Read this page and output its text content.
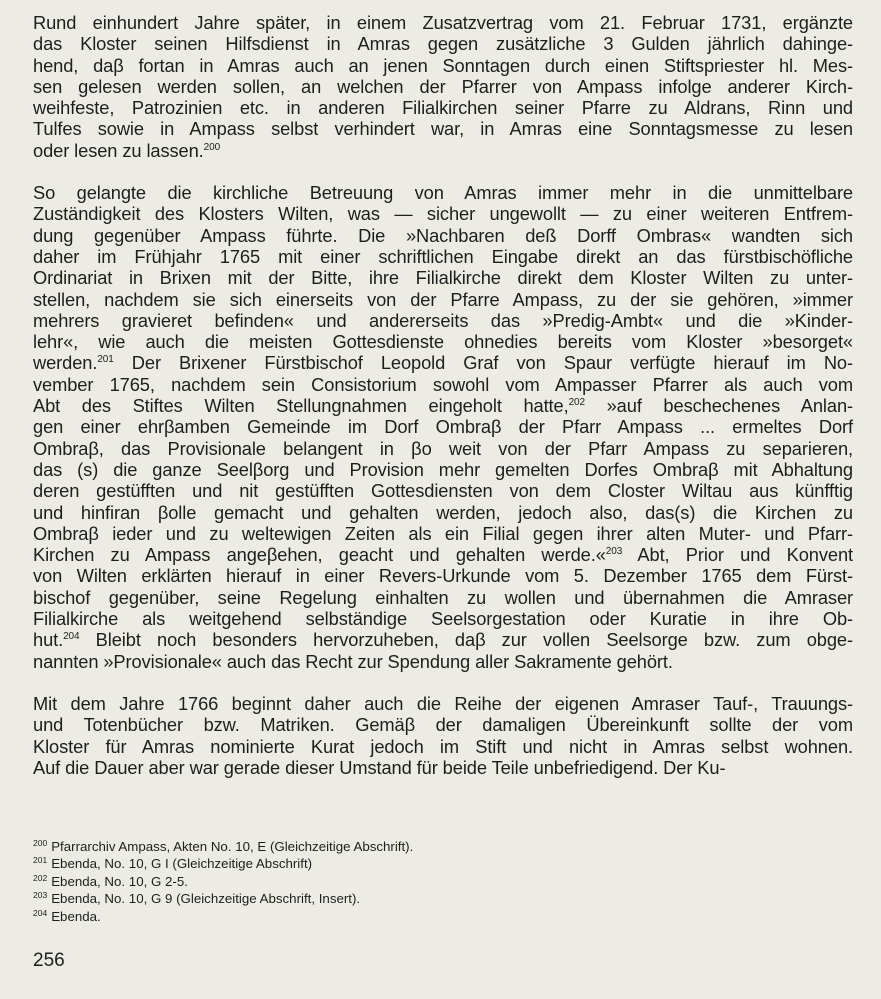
Rund einhundert Jahre später, in einem Zusatzvertrag vom 21. Februar 1731, ergänzte
das Kloster seinen Hilfsdienst in Amras gegen zusätzliche 3 Gulden jährlich dahinge-
hend, daβ fortan in Amras auch an jenen Sonntagen durch einen Stiftspriester hl. Mes-
sen gelesen werden sollen, an welchen der Pfarrer von Ampass infolge anderer Kirch-
weihfeste, Patrozinien etc. in anderen Filialkirchen seiner Pfarre zu Aldrans, Rinn und
Tulfes sowie in Ampass selbst verhindert war, in Amras eine Sonntagsmesse zu lesen
oder lesen zu lassen.$^{200}$
So gelangte die kirchliche Betreuung von Amras immer mehr in die unmittelbare
Zuständigkeit des Klosters Wilten, was — sicher ungewollt — zu einer weiteren Entfrem-
dung gegenüber Ampass führte. Die »Nachbaren deß Dorff Ombras« wandten sich
daher im Frühjahr 1765 mit einer schriftlichen Eingabe direkt an das fürstbischöfliche
Ordinariat in Brixen mit der Bitte, ihre Filialkirche direkt dem Kloster Wilten zu unter-
stellen, nachdem sie sich einerseits von der Pfarre Ampass, zu der sie gehören, »immer
mehrers gravieret befinden« und andererseits das »Predig-Ambt« und die »Kinder-
lehr«, wie auch die meisten Gottesdienste ohnedies bereits vom Kloster »besorget«
werden.$^{201}$ Der Brixener Fürstbischof Leopold Graf von Spaur verfügte hierauf im No-
vember 1765, nachdem sein Consistorium sowohl vom Ampasser Pfarrer als auch vom
Abt des Stiftes Wilten Stellungnahmen eingeholt hatte,$^{202}$ »auf beschechenes Anlan-
gen einer ehrβamben Gemeinde im Dorf Ombraβ der Pfarr Ampass ... ermeltes Dorf
Ombraβ, das Provisionale belangent in βo weit von der Pfarr Ampass zu separieren,
das (s) die ganze Seelβorg und Provision mehr gemelten Dorfes Ombraβ mit Abhaltung
deren gestüfften und nit gestüfften Gottesdiensten von dem Closter Wiltau aus künfftig
und hinfiran βolle gemacht und gehalten werden, jedoch also, das(s) die Kirchen zu
Ombraβ ieder und zu weltewigen Zeiten als ein Filial gegen ihrer alten Muter- und Pfarr-
Kirchen zu Ampass angeβehen, geacht und gehalten werde.«$^{203}$ Abt, Prior und Konvent
von Wilten erklärten hierauf in einer Revers-Urkunde vom 5. Dezember 1765 dem Fürst-
bischof gegenüber, seine Regelung einhalten zu wollen und übernahmen die Amraser
Filialkirche als weitgehend selbständige Seelsorgestation oder Kuratie in ihre Ob-
hut.$^{204}$ Bleibt noch besonders hervorzuheben, daβ zur vollen Seelsorge bzw. zum obge-
nannten »Provisionale« auch das Recht zur Spendung aller Sakramente gehört.
Mit dem Jahre 1766 beginnt daher auch die Reihe der eigenen Amraser Tauf-, Trauungs-
und Totenbücher bzw. Matriken. Gemäβ der damaligen Übereinkunft sollte der vom
Kloster für Amras nominierte Kurat jedoch im Stift und nicht in Amras selbst wohnen.
Auf die Dauer aber war gerade dieser Umstand für beide Teile unbefriedigend. Der Ku-
$^{200}$ Pfarrarchiv Ampass, Akten No. 10, E (Gleichzeitige Abschrift).
$^{201}$ Ebenda, No. 10, G I (Gleichzeitige Abschrift)
$^{202}$ Ebenda, No. 10, G 2-5.
$^{203}$ Ebenda, No. 10, G 9 (Gleichzeitige Abschrift, Insert).
$^{204}$ Ebenda.
256
